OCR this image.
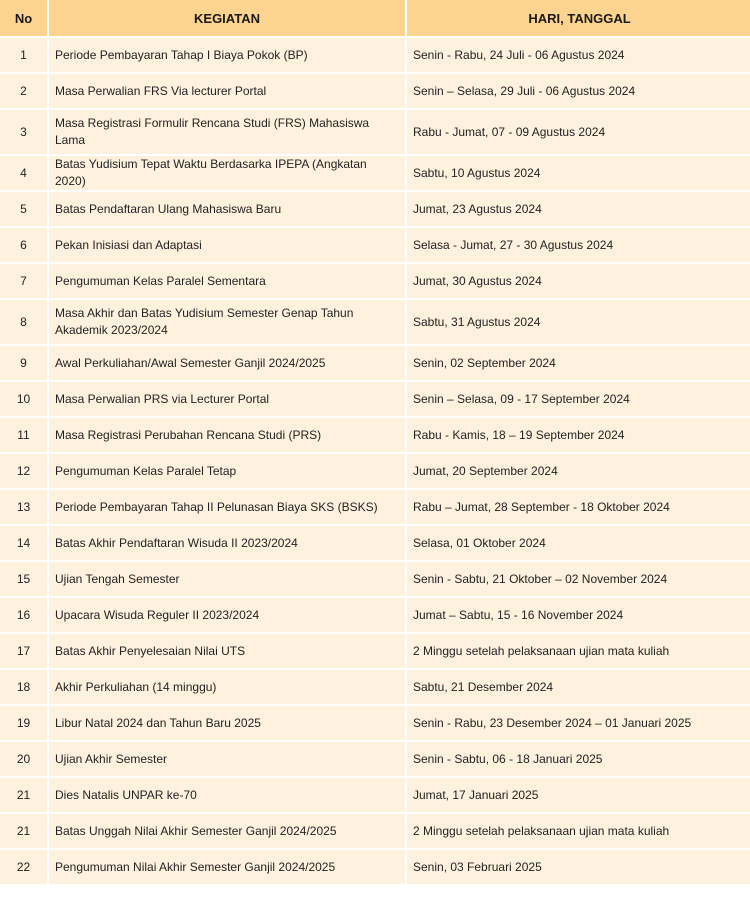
No	KEGIATAN	HARI, TANGGAL
1	Periode Pembayaran Tahap I Biaya Pokok (BP)	Senin - Rabu, 24 Juli - 06 Agustus 2024
2	Masa Perwalian FRS Via lecturer Portal	Senin – Selasa, 29 Juli - 06 Agustus 2024
3	Masa Registrasi Formulir Rencana Studi (FRS) Mahasiswa Lama	Rabu - Jumat, 07 - 09 Agustus 2024
4	Batas Yudisium Tepat Waktu Berdasarka IPEPA (Angkatan 2020)	Sabtu, 10 Agustus 2024
5	Batas Pendaftaran Ulang Mahasiswa Baru	Jumat, 23 Agustus 2024
6	Pekan Inisiasi dan Adaptasi	Selasa - Jumat, 27 - 30 Agustus 2024
7	Pengumuman Kelas Paralel Sementara	Jumat, 30 Agustus 2024
8	Masa Akhir dan Batas Yudisium Semester Genap Tahun Akademik 2023/2024	Sabtu, 31 Agustus 2024
9	Awal Perkuliahan/Awal Semester Ganjil 2024/2025	Senin, 02 September 2024
10	Masa Perwalian PRS via Lecturer Portal	Senin – Selasa, 09 - 17 September 2024
11	Masa Registrasi Perubahan Rencana Studi (PRS)	Rabu - Kamis, 18 – 19 September 2024
12	Pengumuman Kelas Paralel Tetap	Jumat, 20 September 2024
13	Periode Pembayaran Tahap II Pelunasan Biaya SKS (BSKS)	Rabu – Jumat, 28 September - 18 Oktober 2024
14	Batas Akhir Pendaftaran Wisuda II 2023/2024	Selasa, 01 Oktober 2024
15	Ujian Tengah Semester	Senin - Sabtu, 21 Oktober – 02 November 2024
16	Upacara Wisuda Reguler II 2023/2024	Jumat – Sabtu, 15 - 16 November 2024
17	Batas Akhir Penyelesaian Nilai UTS	2 Minggu setelah pelaksanaan ujian mata kuliah
18	Akhir Perkuliahan (14 minggu)	Sabtu, 21 Desember 2024
19	Libur Natal 2024 dan Tahun Baru 2025	Senin - Rabu, 23 Desember 2024 – 01 Januari 2025
20	Ujian Akhir Semester	Senin - Sabtu, 06 - 18 Januari 2025
21	Dies Natalis UNPAR ke-70	Jumat, 17 Januari 2025
21	Batas Unggah Nilai Akhir Semester Ganjil 2024/2025	2 Minggu setelah pelaksanaan ujian mata kuliah
22	Pengumuman Nilai Akhir Semester Ganjil 2024/2025	Senin, 03 Februari 2025
